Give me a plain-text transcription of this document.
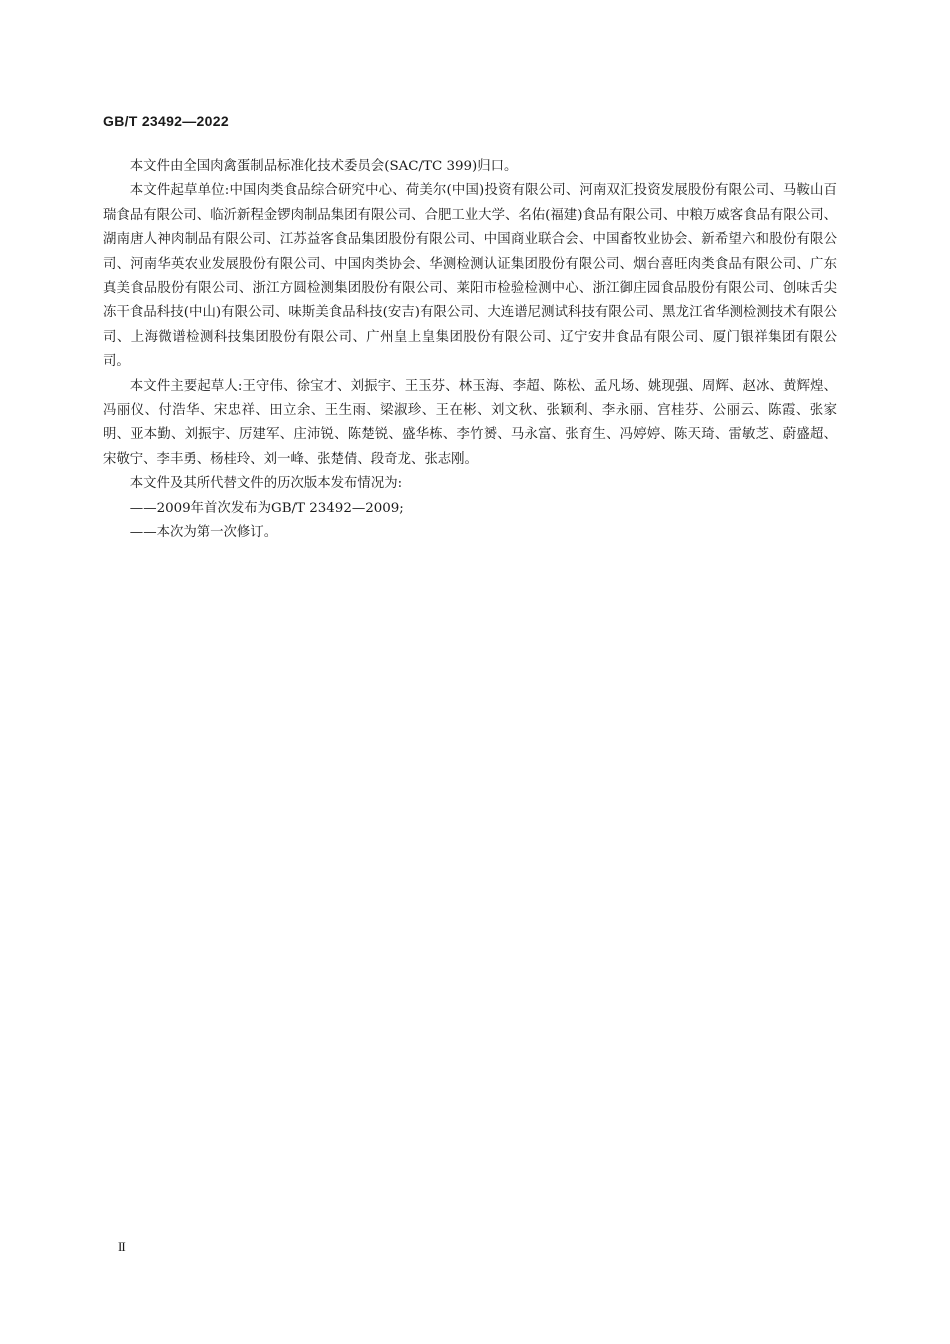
GB/T 23492—2022

本文件由全国肉禽蛋制品标准化技术委员会(SAC/TC 399)归口。

本文件起草单位:中国肉类食品综合研究中心、荷美尔(中国)投资有限公司、河南双汇投资发展股份有限公司、马鞍山百瑞食品有限公司、临沂新程金锣肉制品集团有限公司、合肥工业大学、名佑(福建)食品有限公司、中粮万威客食品有限公司、湖南唐人神肉制品有限公司、江苏益客食品集团股份有限公司、中国商业联合会、中国畜牧业协会、新希望六和股份有限公司、河南华英农业发展股份有限公司、中国肉类协会、华测检测认证集团股份有限公司、烟台喜旺肉类食品有限公司、广东真美食品股份有限公司、浙江方圆检测集团股份有限公司、莱阳市检验检测中心、浙江御庄园食品股份有限公司、创味舌尖冻干食品科技(中山)有限公司、味斯美食品科技(安吉)有限公司、大连谱尼测试科技有限公司、黑龙江省华测检测技术有限公司、上海微谱检测科技集团股份有限公司、广州皇上皇集团股份有限公司、辽宁安井食品有限公司、厦门银祥集团有限公司。

本文件主要起草人:王守伟、徐宝才、刘振宇、王玉芬、林玉海、李超、陈松、孟凡场、姚现强、周辉、赵冰、黄辉煌、冯丽仪、付浩华、宋忠祥、田立余、王生雨、梁淑珍、王在彬、刘文秋、张颖利、李永丽、宫桂芬、公丽云、陈霞、张家明、亚本勤、刘振宇、厉建军、庄沛锐、陈楚锐、盛华栋、李竹赟、马永富、张育生、冯婷婷、陈天琦、雷敏芝、蔚盛超、宋敬宁、李丰勇、杨桂玲、刘一峰、张楚倩、段奇龙、张志刚。

本文件及其所代替文件的历次版本发布情况为:

——2009年首次发布为GB/T 23492—2009;

——本次为第一次修订。

II
